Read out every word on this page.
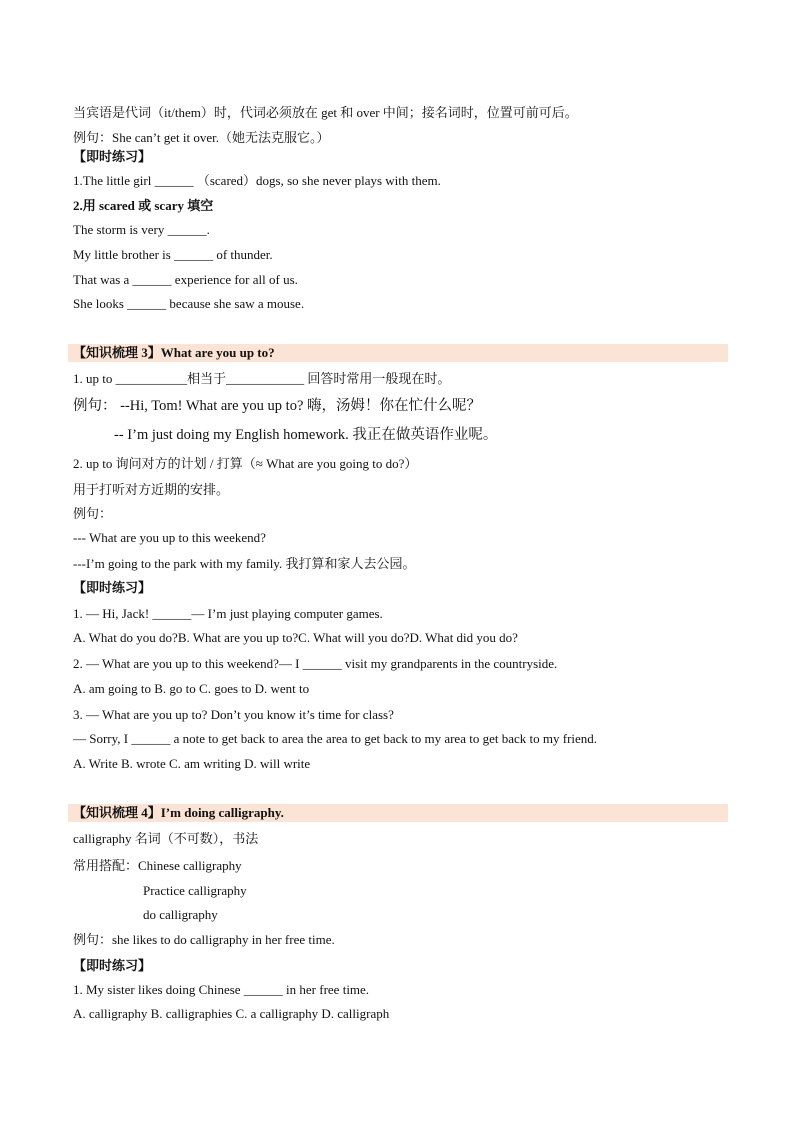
当宾语是代词（it/them）时，代词必须放在 get 和 over 中间；接名词时，位置可前可后。
例句：She can’t get it over.（她无法克服它。）
【即时练习】
1.The little girl ______ （scared）dogs, so she never plays with them.
2.用 scared 或 scary 填空
The storm is very ______.
My little brother is ______ of thunder.
That was a ______ experience for all of us.
She looks ______ because she saw a mouse.
【知识梳理 3】What are you up to?
1. up to ___________相当于____________ 回答时常用一般现在时。
例句： --Hi, Tom! What are you up to? 嗨，汤姆！你在忙什么呢？
-- I’m just doing my English homework. 我正在做英语作业呢。
2. up to 询问对方的计划 / 打算（≈ What are you going to do?）
用于打听对方近期的安排。
例句：
--- What are you up to this weekend?
---I’m going to the park with my family. 我打算和家人去公园。
【即时练习】
1. — Hi, Jack! ______— I’m just playing computer games.
A. What do you do?B. What are you up to?C. What will you do?D. What did you do?
2. — What are you up to this weekend?— I ______ visit my grandparents in the countryside.
A. am going to B. go to C. goes to D. went to
3. — What are you up to? Don’t you know it’s time for class?
— Sorry, I ______ a note to get back to area the area to get back to my area to get back to my friend.
A. Write B. wrote C. am writing D. will write
【知识梳理 4】I’m doing calligraphy.
calligraphy 名词（不可数），书法
常用搭配：Chinese calligraphy
Practice calligraphy
do calligraphy
例句：she likes to do calligraphy in her free time.
【即时练习】
1. My sister likes doing Chinese ______ in her free time.
A. calligraphy B. calligraphies C. a calligraphy D. calligraph
